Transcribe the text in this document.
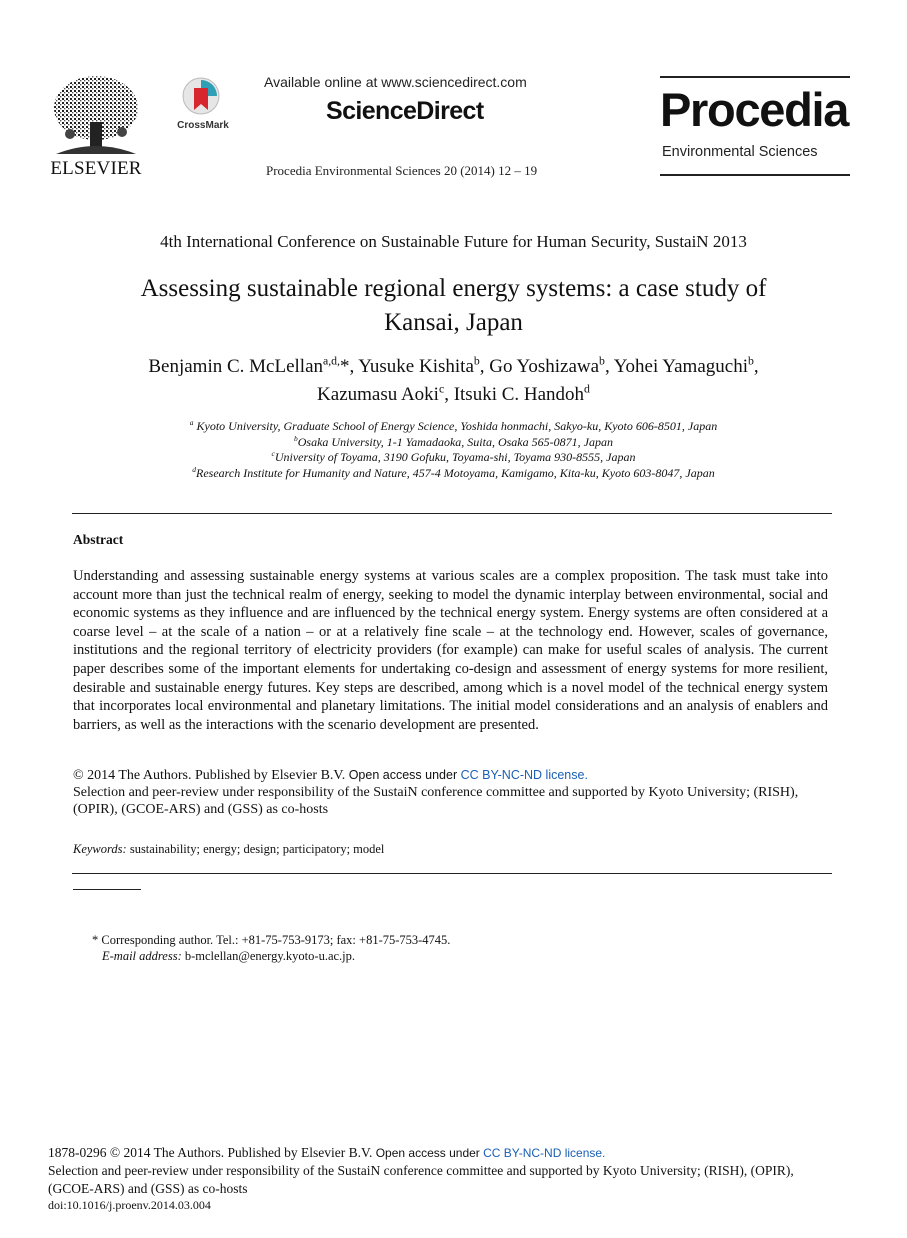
ELSEVIER
CrossMark
Available online at www.sciencedirect.com
ScienceDirect
Procedia Environmental Sciences 20 (2014) 12 – 19
Procedia
Environmental Sciences
4th International Conference on Sustainable Future for Human Security, SustaiN 2013
Assessing sustainable regional energy systems: a case study of
Kansai, Japan
Benjamin C. McLellan$^{a,d,}$*, Yusuke Kishita$^b$, Go Yoshizawa$^b$, Yohei Yamaguchi$^b$,
Kazumasu Aoki$^c$, Itsuki C. Handoh$^d$
$^a$ Kyoto University, Graduate School of Energy Science, Yoshida honmachi, Sakyo-ku, Kyoto 606-8501, Japan
$^b$Osaka University, 1-1 Yamadaoka, Suita, Osaka 565-0871, Japan
$^c$University of Toyama, 3190 Gofuku, Toyama-shi, Toyama 930-8555, Japan
$^d$Research Institute for Humanity and Nature, 457-4 Motoyama, Kamigamo, Kita-ku, Kyoto 603-8047, Japan
Abstract
Understanding and assessing sustainable energy systems at various scales are a complex proposition. The task must take into account more than just the technical realm of energy, seeking to model the dynamic interplay between environmental, social and economic systems as they influence and are influenced by the technical energy system. Energy systems are often considered at a coarse level – at the scale of a nation – or at a relatively fine scale – at the technology end. However, scales of governance, institutions and the regional territory of electricity providers (for example) can make for useful scales of analysis. The current paper describes some of the important elements for undertaking co-design and assessment of energy systems for more resilient, desirable and sustainable energy futures. Key steps are described, among which is a novel model of the technical energy system that incorporates local environmental and planetary limitations. The initial model considerations and an analysis of enablers and barriers, as well as the interactions with the scenario development are presented.
© 2014 The Authors. Published by Elsevier B.V. Open access under CC BY-NC-ND license.
Selection and peer-review under responsibility of the SustaiN conference committee and supported by Kyoto University; (RISH), (OPIR), (GCOE-ARS) and (GSS) as co-hosts
Keywords: sustainability; energy; design; participatory; model
* Corresponding author. Tel.: +81-75-753-9173; fax: +81-75-753-4745.
E-mail address: b-mclellan@energy.kyoto-u.ac.jp.
1878-0296 © 2014 The Authors. Published by Elsevier B.V. Open access under CC BY-NC-ND license.
Selection and peer-review under responsibility of the SustaiN conference committee and supported by Kyoto University; (RISH), (OPIR), (GCOE-ARS) and (GSS) as co-hosts
doi:10.1016/j.proenv.2014.03.004
